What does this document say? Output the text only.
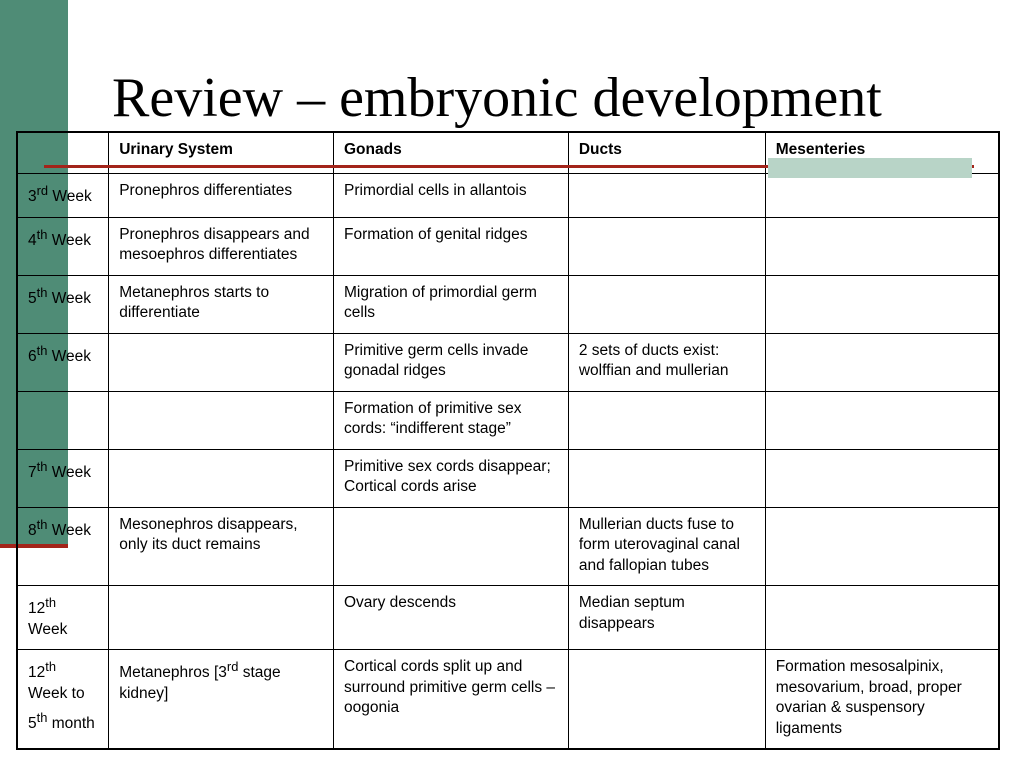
Review – embryonic development
	Urinary System	Gonads	Ducts	Mesenteries
3rd Week	Pronephros differentiates	Primordial cells in allantois		
4th Week	Pronephros disappears and mesoephros differentiates	Formation of genital ridges		
5th Week	Metanephros starts to differentiate	Migration of primordial germ cells		
6th Week		Primitive germ cells invade gonadal ridges	2 sets of ducts exist: wolffian and mullerian	
		Formation of primitive sex cords: “indifferent stage”		
7th Week		Primitive sex cords disappear; Cortical cords arise		
8th Week	Mesonephros disappears, only its duct remains		Mullerian ducts fuse to form uterovaginal canal and fallopian tubes	
12th Week		Ovary descends	Median septum disappears	

12th Week to
5th month	Metanephros [3rd stage kidney]	Cortical cords split up and surround primitive germ cells – oogonia		Formation mesosalpinix, mesovarium, broad, proper ovarian & suspensory ligaments
